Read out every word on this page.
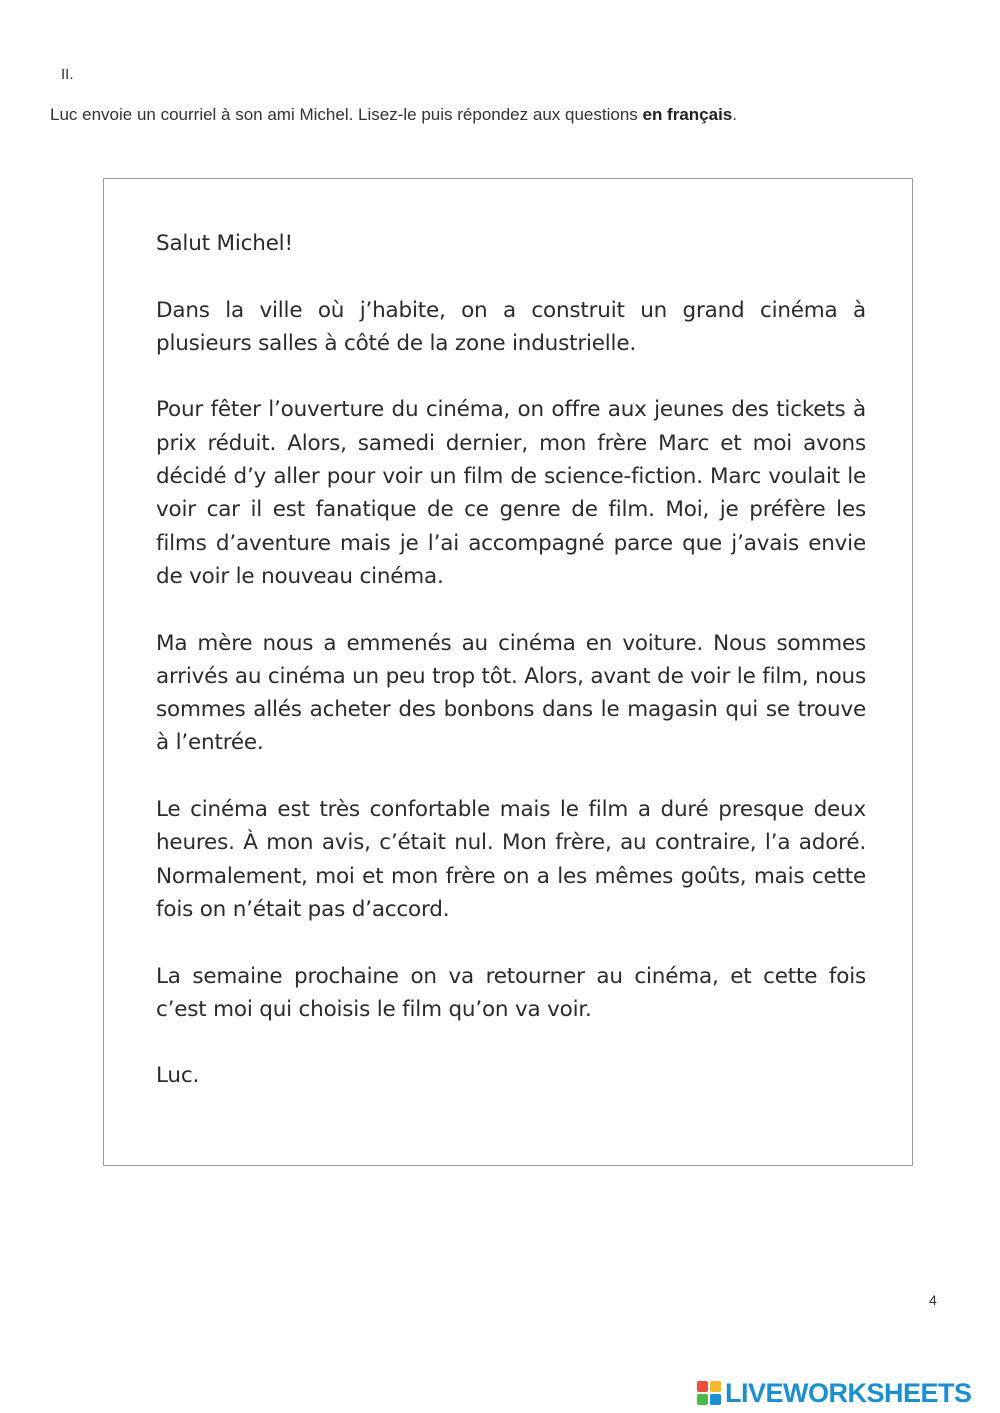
II.
Luc envoie un courriel à son ami Michel. Lisez-le puis répondez aux questions en français.

Salut Michel!

Dans la ville où j’habite, on a construit un grand cinéma à plusieurs salles à côté de la zone industrielle.

Pour fêter l’ouverture du cinéma, on offre aux jeunes des tickets à prix réduit. Alors, samedi dernier, mon frère Marc et moi avons décidé d’y aller pour voir un film de science-fiction. Marc voulait le voir car il est fanatique de ce genre de film. Moi, je préfère les films d’aventure mais je l’ai accompagné parce que j’avais envie de voir le nouveau cinéma.

Ma mère nous a emmenés au cinéma en voiture. Nous sommes arrivés au cinéma un peu trop tôt. Alors, avant de voir le film, nous sommes allés acheter des bonbons dans le magasin qui se trouve à l’entrée.

Le cinéma est très confortable mais le film a duré presque deux heures. À mon avis, c’était nul. Mon frère, au contraire, l’a adoré. Normalement, moi et mon frère on a les mêmes goûts, mais cette fois on n’était pas d’accord.

La semaine prochaine on va retourner au cinéma, et cette fois c’est moi qui choisis le film qu’on va voir.

Luc.

4
LIVEWORKSHEETS
